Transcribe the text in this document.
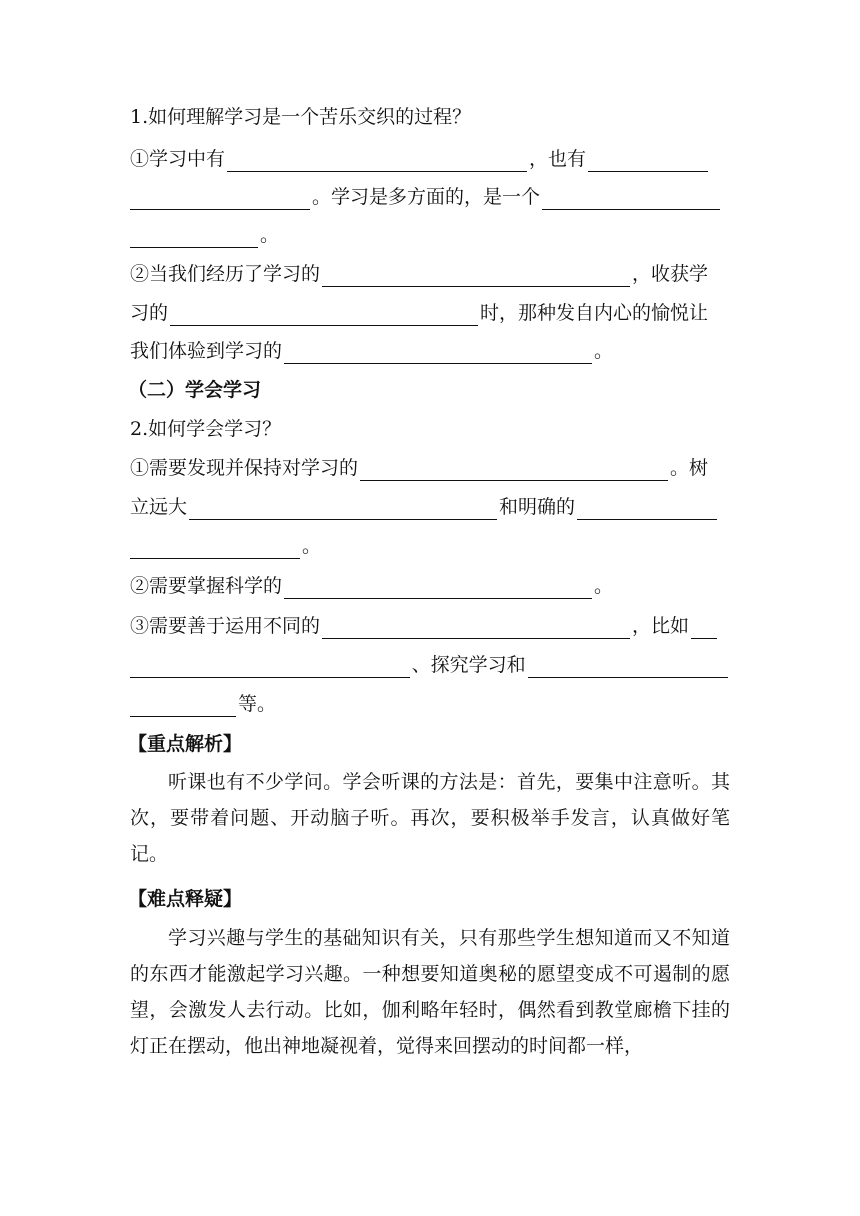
1.如何理解学习是一个苦乐交织的过程？
①学习中有	，也有
。学习是多方面的，是一个
。
②当我们经历了学习的	，收获学
习的	时，那种发自内心的愉悦让
我们体验到学习的	。
（二）学会学习
2.如何学会学习？
①需要发现并保持对学习的	。树
立远大	和明确的
。
②需要掌握科学的	。
③需要善于运用不同的	，比如
、探究学习和
等。
【重点解析】
听课也有不少学问。学会听课的方法是：首先，要集中注意听。其次，要带着问题、开动脑子听。再次，要积极举手发言，认真做好笔记。
【难点释疑】
学习兴趣与学生的基础知识有关，只有那些学生想知道而又不知道的东西才能激起学习兴趣。一种想要知道奥秘的愿望变成不可遏制的愿望，会激发人去行动。比如，伽利略年轻时，偶然看到教堂廊檐下挂的灯正在摆动，他出神地凝视着，觉得来回摆动的时间都一样，
